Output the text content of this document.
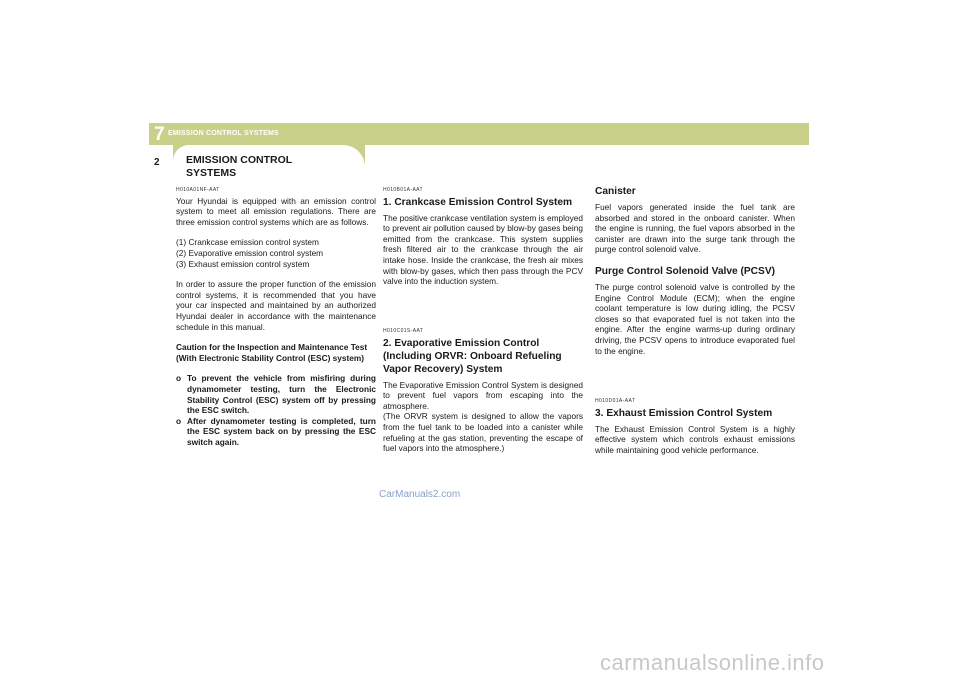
7 EMISSION CONTROL SYSTEMS
2	EMISSION CONTROL SYSTEMS

H010A01NF-AAT

Your Hyundai is equipped with an emission control system to meet all emission regulations. There are three emission control systems which are as follows.

(1) Crankcase emission control system

(2) Evaporative emission control system

(3) Exhaust emission control system

In order to assure the proper function of the emission control systems, it is recommended that you have your car inspected and maintained by an authorized Hyundai dealer in accordance with the maintenance schedule in this manual.

Caution for the Inspection and Maintenance Test (With Electronic Stability Control (ESC) system)

o To prevent the vehicle from misfiring during dynamometer testing, turn the Electronic Stability Control (ESC) system off by pressing the ESC switch.
o After dynamometer testing is completed, turn the ESC system back on by pressing the ESC switch again.

H010B01A-AAT

1. Crankcase Emission Control System

The positive crankcase ventilation system is employed to prevent air pollution caused by blow-by gases being emitted from the crankcase. This system supplies fresh filtered air to the crankcase through the air intake hose. Inside the crankcase, the fresh air mixes with blow-by gases, which then pass through the PCV valve into the induction system.

H010C01S-AAT

2. Evaporative Emission Control (Including ORVR: Onboard Refueling Vapor Recovery) System

The Evaporative Emission Control System is designed to prevent fuel vapors from escaping into the atmosphere.

(The ORVR system is designed to allow the vapors from the fuel tank to be loaded into a canister while refueling at the gas station, preventing the escape of fuel vapors into the atmosphere.)

Canister

Fuel vapors generated inside the fuel tank are absorbed and stored in the onboard canister. When the engine is running, the fuel vapors absorbed in the canister are drawn into the surge tank through the purge control solenoid valve.

Purge Control Solenoid Valve (PCSV)

The purge control solenoid valve is controlled by the Engine Control Module (ECM); when the engine coolant temperature is low during idling, the PCSV closes so that evaporated fuel is not taken into the engine. After the engine warms-up during ordinary driving, the PCSV opens to introduce evaporated fuel to the engine.

H010D01A-AAT

3. Exhaust Emission Control System

The Exhaust Emission Control System is a highly effective system which controls exhaust emissions while maintaining good vehicle performance.

CarManuals2.com
carmanualsonline.info
